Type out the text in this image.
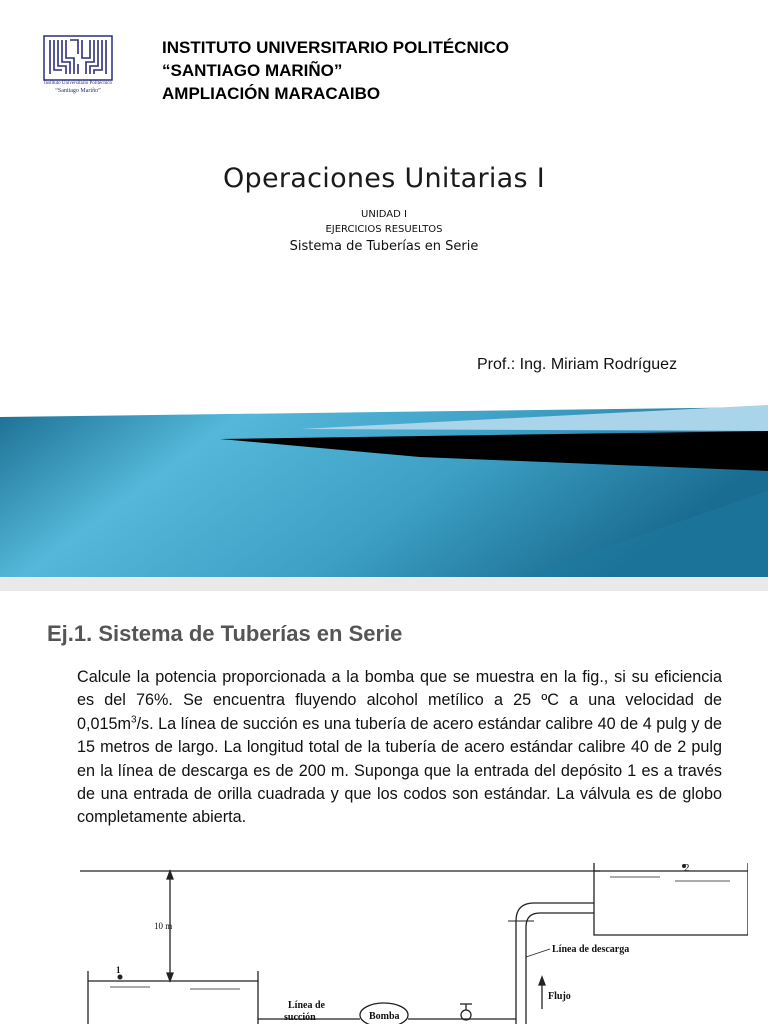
Instituto Universitario Politécnico
“Santiago Mariño”
INSTITUTO UNIVERSITARIO POLITÉCNICO
“SANTIAGO MARIÑO”
AMPLIACIÓN MARACAIBO
Operaciones Unitarias I
UNIDAD I
EJERCICIOS RESUELTOS
Sistema de Tuberías en Serie
Prof.: Ing. Miriam Rodríguez
Ej.1. Sistema de Tuberías en Serie
Calcule la potencia proporcionada a la bomba que se muestra en la fig., si su eficiencia es del 76%. Se encuentra fluyendo alcohol metílico a 25 ºC a una velocidad de $0,015m^3/s$. La línea de succión es una tubería de acero estándar calibre 40 de 4 pulg y de 15 metros de largo. La longitud total de la tubería de acero estándar calibre 40 de 2 pulg en la línea de descarga es de 200 m. Suponga que la entrada del depósito 1 es a través de una entrada de orilla cuadrada y que los codos son estándar. La válvula es de globo completamente abierta.
2
1
10 m
Línea de descarga
Flujo
Línea de
succión	Bomba
